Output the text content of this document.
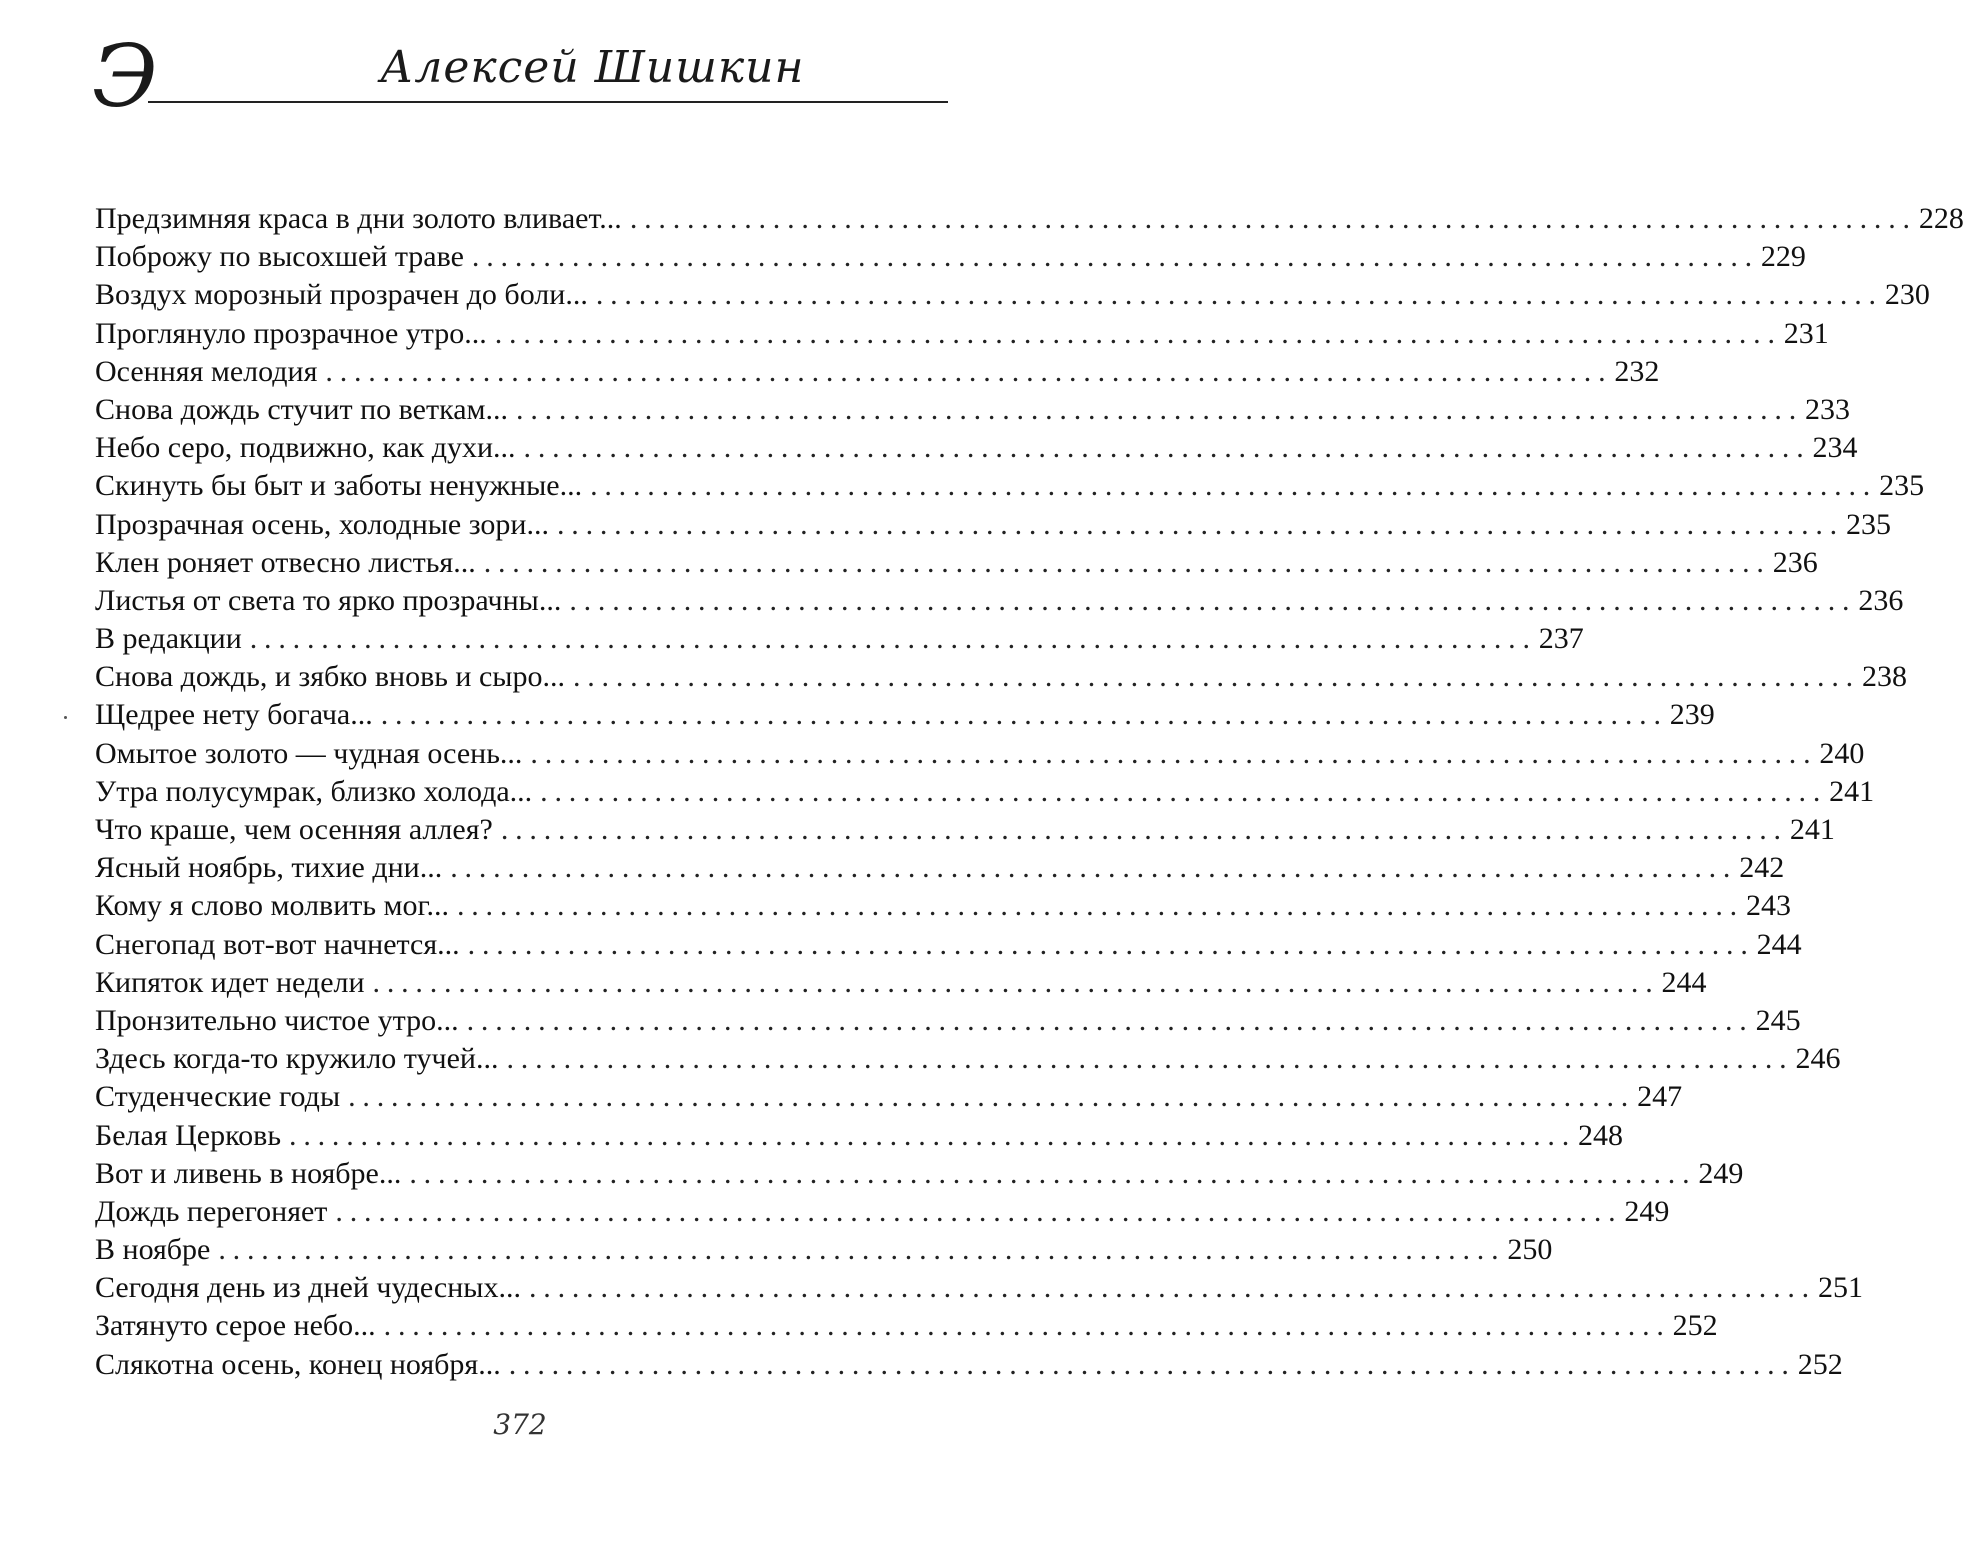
Э	Алексей Шишкин
Предзимняя краса в дни золото вливает... .......................................................................................... 228
Поброжу по высохшей траве .......................................................................................... 229
Воздух морозный прозрачен до боли... .......................................................................................... 230
Проглянуло прозрачное утро... .......................................................................................... 231
Осенняя мелодия .......................................................................................... 232
Снова дождь стучит по веткам... .......................................................................................... 233
Небо серо, подвижно, как духи... .......................................................................................... 234
Скинуть бы быт и заботы ненужные... .......................................................................................... 235
Прозрачная осень, холодные зори... .......................................................................................... 235
Клен роняет отвесно листья... .......................................................................................... 236
Листья от света то ярко прозрачны... .......................................................................................... 236
В редакции .......................................................................................... 237
Снова дождь, и зябко вновь и сыро... .......................................................................................... 238
Щедрее нету богача... .......................................................................................... 239
Омытое золото — чудная осень... .......................................................................................... 240
Утра полусумрак, близко холода... .......................................................................................... 241
Что краше, чем осенняя аллея? .......................................................................................... 241
Ясный ноябрь, тихие дни... .......................................................................................... 242
Кому я слово молвить мог... .......................................................................................... 243
Снегопад вот-вот начнется... .......................................................................................... 244
Кипяток идет недели .......................................................................................... 244
Пронзительно чистое утро... .......................................................................................... 245
Здесь когда-то кружило тучей... .......................................................................................... 246
Студенческие годы .......................................................................................... 247
Белая Церковь .......................................................................................... 248
Вот и ливень в ноябре... .......................................................................................... 249
Дождь перегоняет .......................................................................................... 249
В ноябре .......................................................................................... 250
Сегодня день из дней чудесных... .......................................................................................... 251
Затянуто серое небо... .......................................................................................... 252
Слякотна осень, конец ноября... .......................................................................................... 252
372
